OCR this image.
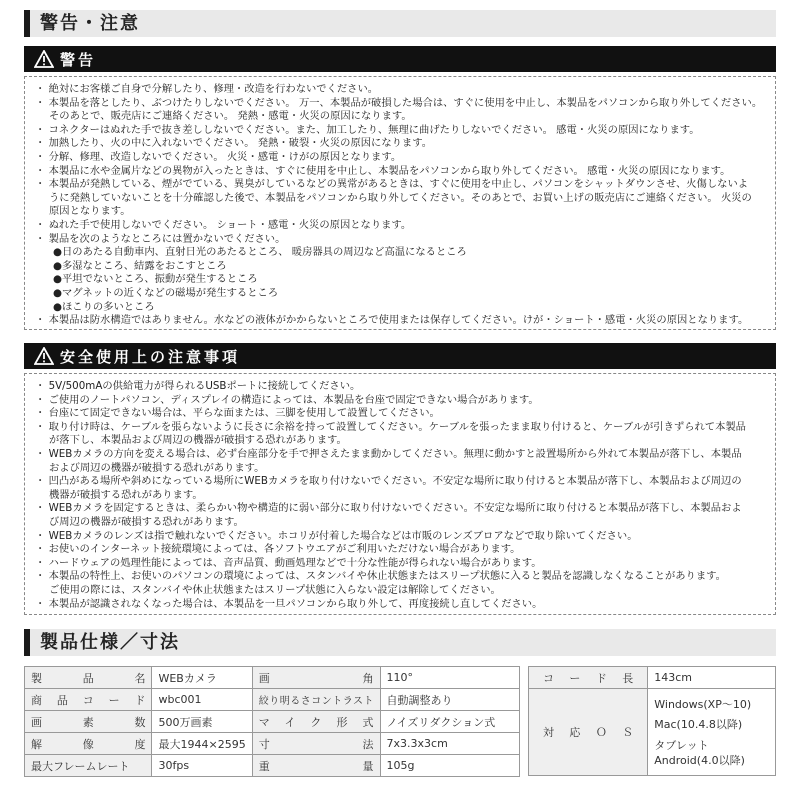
警告・注意
警告
・ 絶対にお客様ご自身で分解したり、修理・改造を行わないでください。
・ 本製品を落としたり、ぶつけたりしないでください。 万一、本製品が破損した場合は、すぐに使用を中止し、本製品をパソコンから取り外してください。
そのあとで、販売店にご連絡ください。 発熱・感電・火災の原因になります。
・ コネクターはぬれた手で抜き差ししないでください。また、加工したり、無理に曲げたりしないでください。 感電・火災の原因になります。
・ 加熱したり、火の中に入れないでください。 発熱・破裂・火災の原因になります。
・ 分解、修理、改造しないでください。 火災・感電・けがの原因となります。
・ 本製品に水や金属片などの異物が入ったときは、すぐに使用を中止し、本製品をパソコンから取り外してください。 感電・火災の原因になります。
・ 本製品が発熱している、煙がでている、異臭がしているなどの異常があるときは、すぐに使用を中止し、パソコンをシャットダウンさせ、火傷しないよ
うに発熱していないことを十分確認した後で、本製品をパソコンから取り外してください。そのあとで、お買い上げの販売店にご連絡ください。 火災の
原因となります。
・ ぬれた手で使用しないでください。 ショート・感電・火災の原因となります。
・ 製品を次のようなところには置かないでください。
●日のあたる自動車内、直射日光のあたるところ、 暖房器具の周辺など高温になるところ
●多湿なところ、結露をおこすところ
●平坦でないところ、振動が発生するところ
●マグネットの近くなどの磁場が発生するところ
●ほこりの多いところ
・ 本製品は防水構造ではありません。水などの液体がかからないところで使用または保存してください。けが・ショート・感電・火災の原因となります。
安全使用上の注意事項
・ 5V/500mAの供給電力が得られるUSBポートに接続してください。
・ ご使用のノートパソコン、ディスプレイの構造によっては、本製品を台座で固定できない場合があります。
・ 台座にて固定できない場合は、平らな面または、三脚を使用して設置してください。
・ 取り付け時は、ケーブルを張らないように長さに余裕を持って設置してください。ケーブルを張ったまま取り付けると、ケーブルが引きずられて本製品
が落下し、本製品および周辺の機器が破損する恐れがあります。
・ WEBカメラの方向を変える場合は、必ず台座部分を手で押さえたまま動かしてください。無理に動かすと設置場所から外れて本製品が落下し、本製品
および周辺の機器が破損する恐れがあります。
・ 凹凸がある場所や斜めになっている場所にWEBカメラを取り付けないでください。不安定な場所に取り付けると本製品が落下し、本製品および周辺の
機器が破損する恐れがあります。
・ WEBカメラを固定するときは、柔らかい物や構造的に弱い部分に取り付けないでください。不安定な場所に取り付けると本製品が落下し、本製品およ
び周辺の機器が破損する恐れがあります。
・ WEBカメラのレンズは指で触れないでください。ホコリが付着した場合などは市販のレンズブロアなどで取り除いてください。
・ お使いのインターネット接続環境によっては、各ソフトウエアがご利用いただけない場合があります。
・ ハードウェアの処理性能によっては、音声品質、動画処理などで十分な性能が得られない場合があります。
・ 本製品の特性上、お使いのパソコンの環境によっては、スタンバイや休止状態またはスリープ状態に入ると製品を認識しなくなることがあります。
ご使用の際には、スタンバイや休止状態またはスリープ状態に入らない設定は解除してください。
・ 本製品が認識されなくなった場合は、本製品を一旦パソコンから取り外して、再度接続し直してください。
製品仕様／寸法
製品名	WEBカメラ	画角	110°
商品コード	wbc001	絞り明るさコントラスト	自動調整あり
画素数	500万画素	マイク形式	ノイズリダクション式
解像度	最大1944×2595	寸法	7x3.3x3cm
最大フレームレート	30fps	重量	105g
コード長	143cm
対応ＯＳ	Windows(XP～10)
Mac(10.4.8以降)
タブレット
Android(4.0以降)
